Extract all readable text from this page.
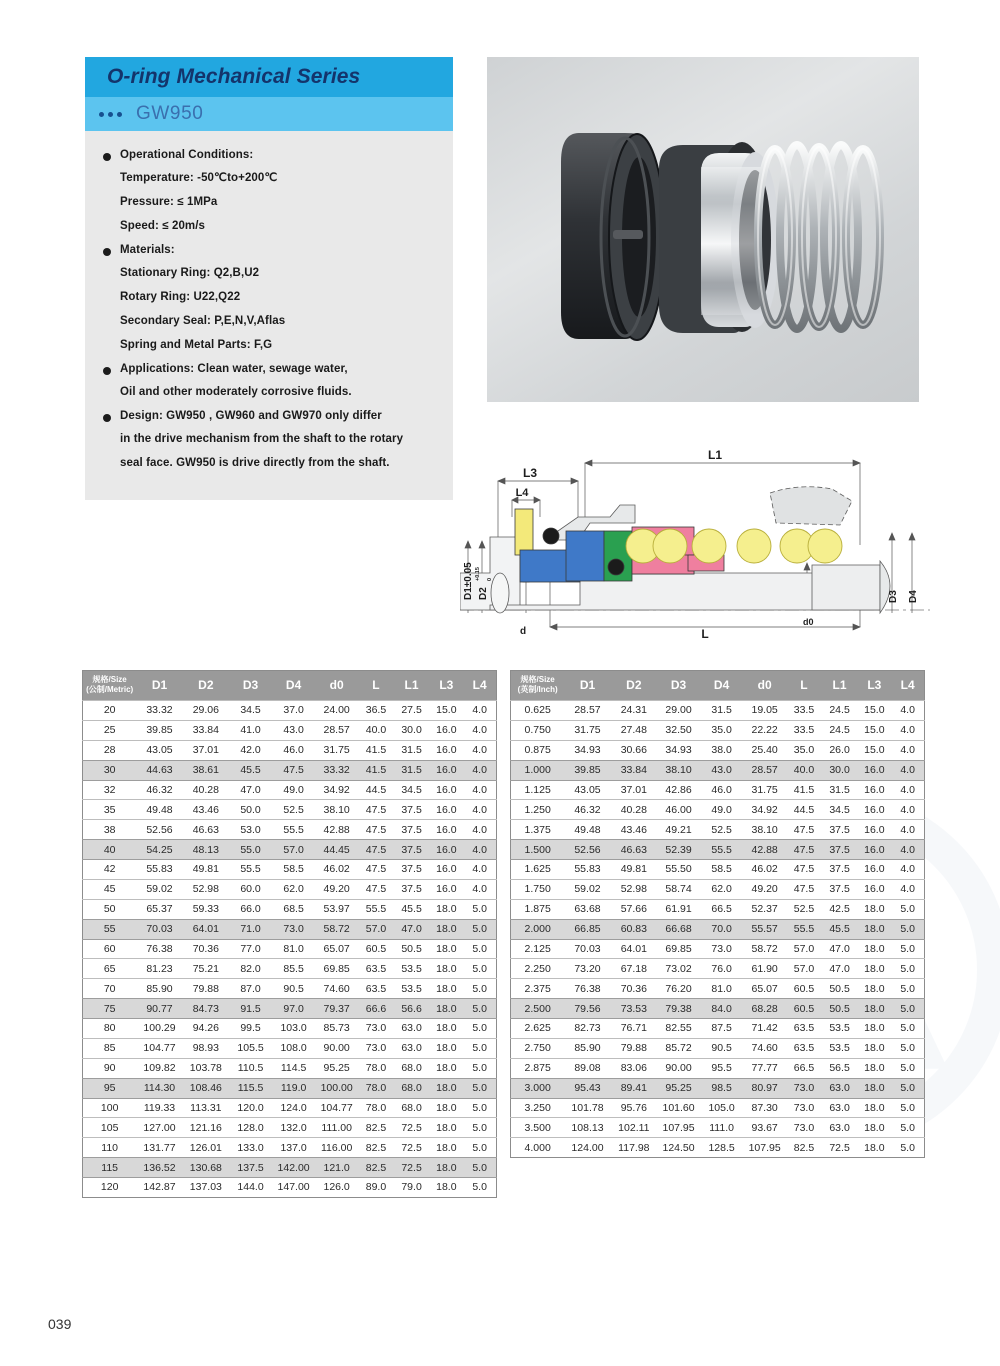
O-ring Mechanical Series
GW950
Operational Conditions:
Temperature: -50℃to+200℃
Pressure: ≤ 1MPa
Speed: ≤ 20m/s
Materials:
Stationary Ring: Q2,B,U2
Rotary Ring: U22,Q22
Secondary Seal: P,E,N,V,Aflas
Spring and Metal Parts: F,G
Applications: Clean water, sewage water,
Oil and other moderately corrosive fluids.
Design: GW950 , GW960 and GW970 only differ
in the drive mechanism from the shaft to the rotary
seal face. GW950 is drive directly from the shaft.
L1
L3
L4
L
d
d0
D1±0.05 D2
+0.15 0
D3 D4
规格/Size
(公制/Metric)	D1	D2	D3	D4	d0	L	L1	L3	L4
20	33.32	29.06	34.5	37.0	24.00	36.5	27.5	15.0	4.0
25	39.85	33.84	41.0	43.0	28.57	40.0	30.0	16.0	4.0
28	43.05	37.01	42.0	46.0	31.75	41.5	31.5	16.0	4.0
30	44.63	38.61	45.5	47.5	33.32	41.5	31.5	16.0	4.0
32	46.32	40.28	47.0	49.0	34.92	44.5	34.5	16.0	4.0
35	49.48	43.46	50.0	52.5	38.10	47.5	37.5	16.0	4.0
38	52.56	46.63	53.0	55.5	42.88	47.5	37.5	16.0	4.0
40	54.25	48.13	55.0	57.0	44.45	47.5	37.5	16.0	4.0
42	55.83	49.81	55.5	58.5	46.02	47.5	37.5	16.0	4.0
45	59.02	52.98	60.0	62.0	49.20	47.5	37.5	16.0	4.0
50	65.37	59.33	66.0	68.5	53.97	55.5	45.5	18.0	5.0
55	70.03	64.01	71.0	73.0	58.72	57.0	47.0	18.0	5.0
60	76.38	70.36	77.0	81.0	65.07	60.5	50.5	18.0	5.0
65	81.23	75.21	82.0	85.5	69.85	63.5	53.5	18.0	5.0
70	85.90	79.88	87.0	90.5	74.60	63.5	53.5	18.0	5.0
75	90.77	84.73	91.5	97.0	79.37	66.6	56.6	18.0	5.0
80	100.29	94.26	99.5	103.0	85.73	73.0	63.0	18.0	5.0
85	104.77	98.93	105.5	108.0	90.00	73.0	63.0	18.0	5.0
90	109.82	103.78	110.5	114.5	95.25	78.0	68.0	18.0	5.0
95	114.30	108.46	115.5	119.0	100.00	78.0	68.0	18.0	5.0
100	119.33	113.31	120.0	124.0	104.77	78.0	68.0	18.0	5.0
105	127.00	121.16	128.0	132.0	111.00	82.5	72.5	18.0	5.0
110	131.77	126.01	133.0	137.0	116.00	82.5	72.5	18.0	5.0
115	136.52	130.68	137.5	142.00	121.0	82.5	72.5	18.0	5.0
120	142.87	137.03	144.0	147.00	126.0	89.0	79.0	18.0	5.0
规格/Size
(英制/Inch)	D1	D2	D3	D4	d0	L	L1	L3	L4
0.625	28.57	24.31	29.00	31.5	19.05	33.5	24.5	15.0	4.0
0.750	31.75	27.48	32.50	35.0	22.22	33.5	24.5	15.0	4.0
0.875	34.93	30.66	34.93	38.0	25.40	35.0	26.0	15.0	4.0
1.000	39.85	33.84	38.10	43.0	28.57	40.0	30.0	16.0	4.0
1.125	43.05	37.01	42.86	46.0	31.75	41.5	31.5	16.0	4.0
1.250	46.32	40.28	46.00	49.0	34.92	44.5	34.5	16.0	4.0
1.375	49.48	43.46	49.21	52.5	38.10	47.5	37.5	16.0	4.0
1.500	52.56	46.63	52.39	55.5	42.88	47.5	37.5	16.0	4.0
1.625	55.83	49.81	55.50	58.5	46.02	47.5	37.5	16.0	4.0
1.750	59.02	52.98	58.74	62.0	49.20	47.5	37.5	16.0	4.0
1.875	63.68	57.66	61.91	66.5	52.37	52.5	42.5	18.0	5.0
2.000	66.85	60.83	66.68	70.0	55.57	55.5	45.5	18.0	5.0
2.125	70.03	64.01	69.85	73.0	58.72	57.0	47.0	18.0	5.0
2.250	73.20	67.18	73.02	76.0	61.90	57.0	47.0	18.0	5.0
2.375	76.38	70.36	76.20	81.0	65.07	60.5	50.5	18.0	5.0
2.500	79.56	73.53	79.38	84.0	68.28	60.5	50.5	18.0	5.0
2.625	82.73	76.71	82.55	87.5	71.42	63.5	53.5	18.0	5.0
2.750	85.90	79.88	85.72	90.5	74.60	63.5	53.5	18.0	5.0
2.875	89.08	83.06	90.00	95.5	77.77	66.5	56.5	18.0	5.0
3.000	95.43	89.41	95.25	98.5	80.97	73.0	63.0	18.0	5.0
3.250	101.78	95.76	101.60	105.0	87.30	73.0	63.0	18.0	5.0
3.500	108.13	102.11	107.95	111.0	93.67	73.0	63.0	18.0	5.0
4.000	124.00	117.98	124.50	128.5	107.95	82.5	72.5	18.0	5.0
039
